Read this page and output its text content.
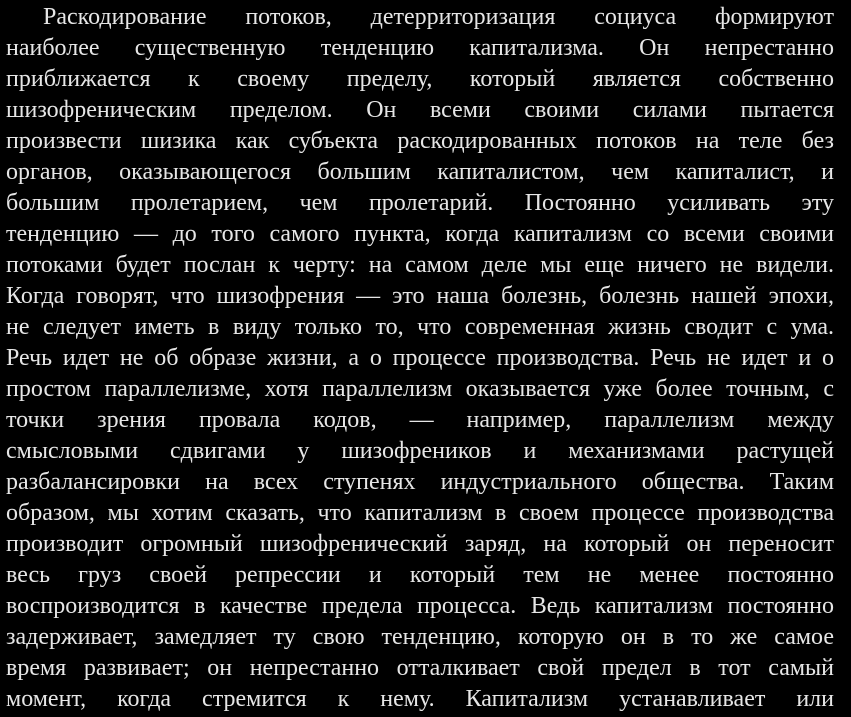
Раскодирование потоков, детерриторизация социуса формируют
наиболее существенную тенденцию капитализма. Он непрестанно
приближается к своему пределу, который является собственно
шизофреническим пределом. Он всеми своими силами пытается
произвести шизика как субъекта раскодированных потоков на теле без
органов, оказывающегося большим капиталистом, чем капиталист, и
большим пролетарием, чем пролетарий. Постоянно усиливать эту
тенденцию — до того самого пункта, когда капитализм со всеми своими
потоками будет послан к черту: на самом деле мы еще ничего не видели.
Когда говорят, что шизофрения — это наша болезнь, болезнь нашей эпохи,
не следует иметь в виду только то, что современная жизнь сводит с ума.
Речь идет не об образе жизни, а о процессе производства. Речь не идет и о
простом параллелизме, хотя параллелизм оказывается уже более точным, с
точки зрения провала кодов, — например, параллелизм между
смысловыми сдвигами у шизофреников и механизмами растущей
разбалансировки на всех ступенях индустриального общества. Таким
образом, мы хотим сказать, что капитализм в своем процессе производства
производит огромный шизофренический заряд, на который он переносит
весь груз своей репрессии и который тем не менее постоянно
воспроизводится в качестве предела процесса. Ведь капитализм постоянно
задерживает, замедляет ту свою тенденцию, которую он в то же самое
время развивает; он непрестанно отталкивает свой предел в тот самый
момент, когда стремится к нему. Капитализм устанавливает или
